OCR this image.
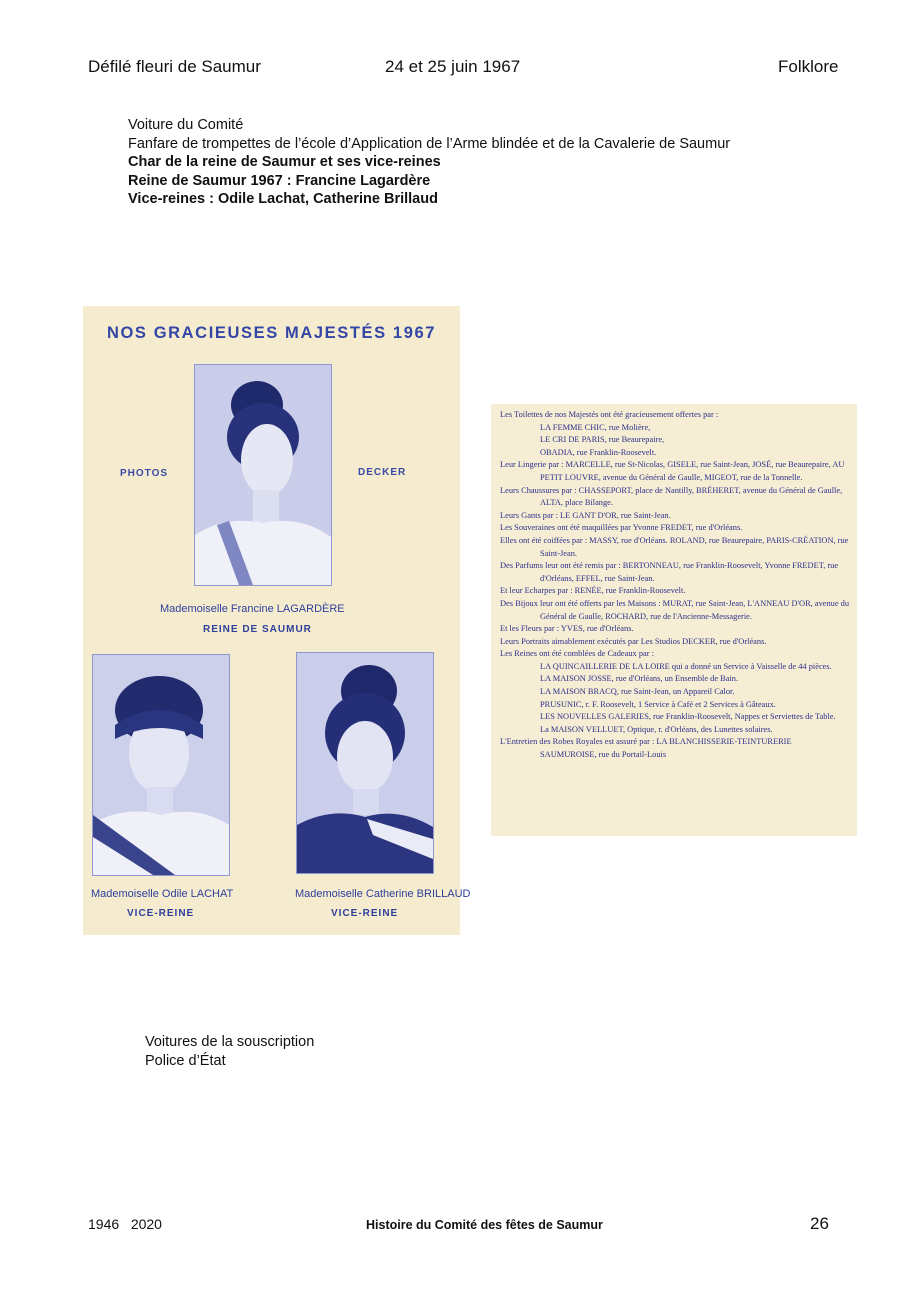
Défilé fleuri de Saumur	24 et 25 juin 1967	Folklore
Voiture du Comité
Fanfare de trompettes de l’école d’Application de l’Arme blindée et de la Cavalerie de Saumur
Char de la reine de Saumur et ses vice-reines
Reine de Saumur 1967 : Francine Lagardère
Vice-reines : Odile Lachat, Catherine Brillaud
NOS GRACIEUSES MAJESTÉS 1967
PHOTOS	DECKER
Mademoiselle Francine LAGARDÈRE
REINE DE SAUMUR
Mademoiselle Odile LACHAT
VICE-REINE
Mademoiselle Catherine BRILLAUD
VICE-REINE

Les Toilettes de nos Majestés ont été gracieusement offertes par :

LA FEMME CHIC, rue Molière,

LE CRI DE PARIS, rue Beaurepaire,

OBADIA, rue Franklin-Roosevelt.

Leur Lingerie par : MARCELLE, rue St-Nicolas, GISELE, rue Saint-Jean, JOSÉ, rue Beaurepaire, AU PETIT LOUVRE, avenue du Général de Gaulle, MIGEOT, rue de la Tonnelle.

Leurs Chaussures par : CHASSEPORT, place de Nantilly, BRÉHERET, avenue du Général de Gaulle, ALTA, place Bilange.

Leurs Gants par : LE GANT D'OR, rue Saint-Jean.

Les Souveraines ont été maquillées par Yvonne FREDET, rue d'Orléans.

Elles ont été coiffées par : MASSY, rue d'Orléans. ROLAND, rue Beaurepaire, PARIS-CRÉATION, rue Saint-Jean.

Des Parfums leur ont été remis par : BERTONNEAU, rue Franklin-Roosevelt, Yvonne FREDET, rue d'Orléans, EFFEL, rue Saint-Jean.

Et leur Echarpes par : RENÉE, rue Franklin-Roosevelt.

Des Bijoux leur ont été offerts par les Maisons : MURAT, rue Saint-Jean, L'ANNEAU D'OR, avenue du Général de Gaulle, ROCHARD, rue de l'Ancienne-Messagerie.

Et les Fleurs par : YVES, rue d'Orléans.

Leurs Portraits aimablement exécutés par Les Studios DECKER, rue d'Orléans.

Les Reines ont été comblées de Cadeaux par :

LA QUINCAILLERIE DE LA LOIRE qui a donné un Service à Vaisselle de 44 pièces.

LA MAISON JOSSE, rue d'Orléans, un Ensemble de Bain.

LA MAISON BRACQ, rue Saint-Jean, un Appareil Calor.

PRUSUNIC, r. F. Roosevelt, 1 Service à Café et 2 Services à Gâteaux.

LES NOUVELLES GALERIES, rue Franklin-Roosevelt, Nappes et Serviettes de Table.

La MAISON VELLUET, Optique, r. d'Orléans, des Lunettes solaires.

L'Entretien des Robes Royales est assuré par : LA BLANCHISSERIE-TEINTURERIE SAUMUROISE, rue du Portail-Louis

Voitures de la souscription
Police d’État
1946   2020	Histoire du Comité des fêtes de Saumur	26
